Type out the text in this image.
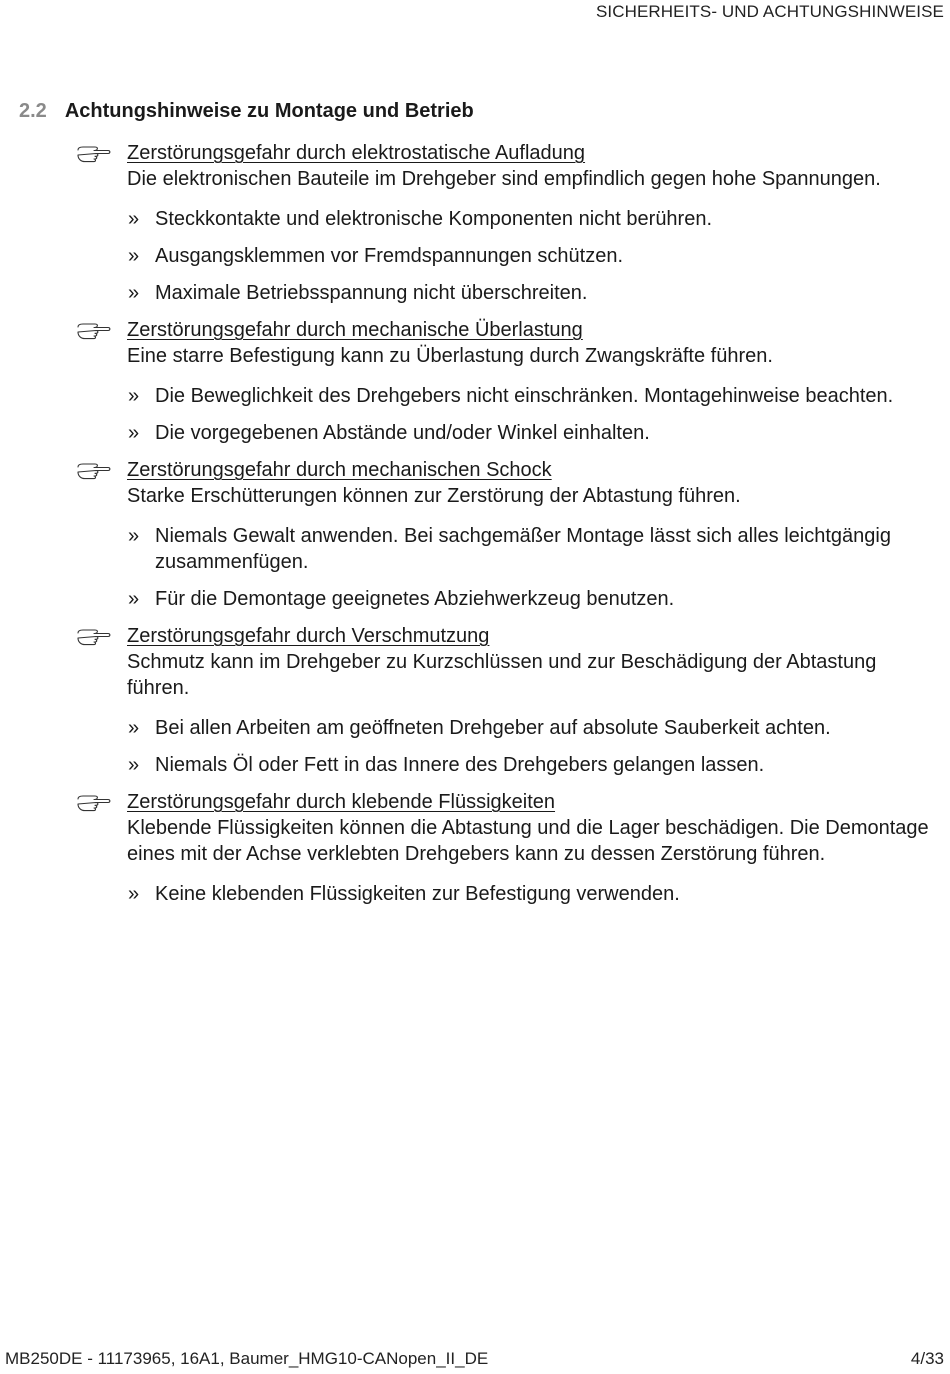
SICHERHEITS- UND ACHTUNGSHINWEISE
2.2 Achtungshinweise zu Montage und Betrieb
Zerstörungsgefahr durch elektrostatische Aufladung
Die elektronischen Bauteile im Drehgeber sind empfindlich gegen hohe Spannungen.
» Steckkontakte und elektronische Komponenten nicht berühren.
» Ausgangsklemmen vor Fremdspannungen schützen.
» Maximale Betriebsspannung nicht überschreiten.
Zerstörungsgefahr durch mechanische Überlastung
Eine starre Befestigung kann zu Überlastung durch Zwangskräfte führen.
» Die Beweglichkeit des Drehgebers nicht einschränken. Montagehinweise beachten.
» Die vorgegebenen Abstände und/oder Winkel einhalten.
Zerstörungsgefahr durch mechanischen Schock
Starke Erschütterungen können zur Zerstörung der Abtastung führen.
» Niemals Gewalt anwenden. Bei sachgemäßer Montage lässt sich alles leichtgängig zusammenfügen.
» Für die Demontage geeignetes Abziehwerkzeug benutzen.
Zerstörungsgefahr durch Verschmutzung
Schmutz kann im Drehgeber zu Kurzschlüssen und zur Beschädigung der Abtastung führen.
» Bei allen Arbeiten am geöffneten Drehgeber auf absolute Sauberkeit achten.
» Niemals Öl oder Fett in das Innere des Drehgebers gelangen lassen.
Zerstörungsgefahr durch klebende Flüssigkeiten
Klebende Flüssigkeiten können die Abtastung und die Lager beschädigen. Die Demontage eines mit der Achse verklebten Drehgebers kann zu dessen Zerstörung führen.
» Keine klebenden Flüssigkeiten zur Befestigung verwenden.
MB250DE - 11173965, 16A1, Baumer_HMG10-CANopen_II_DE	4/33
